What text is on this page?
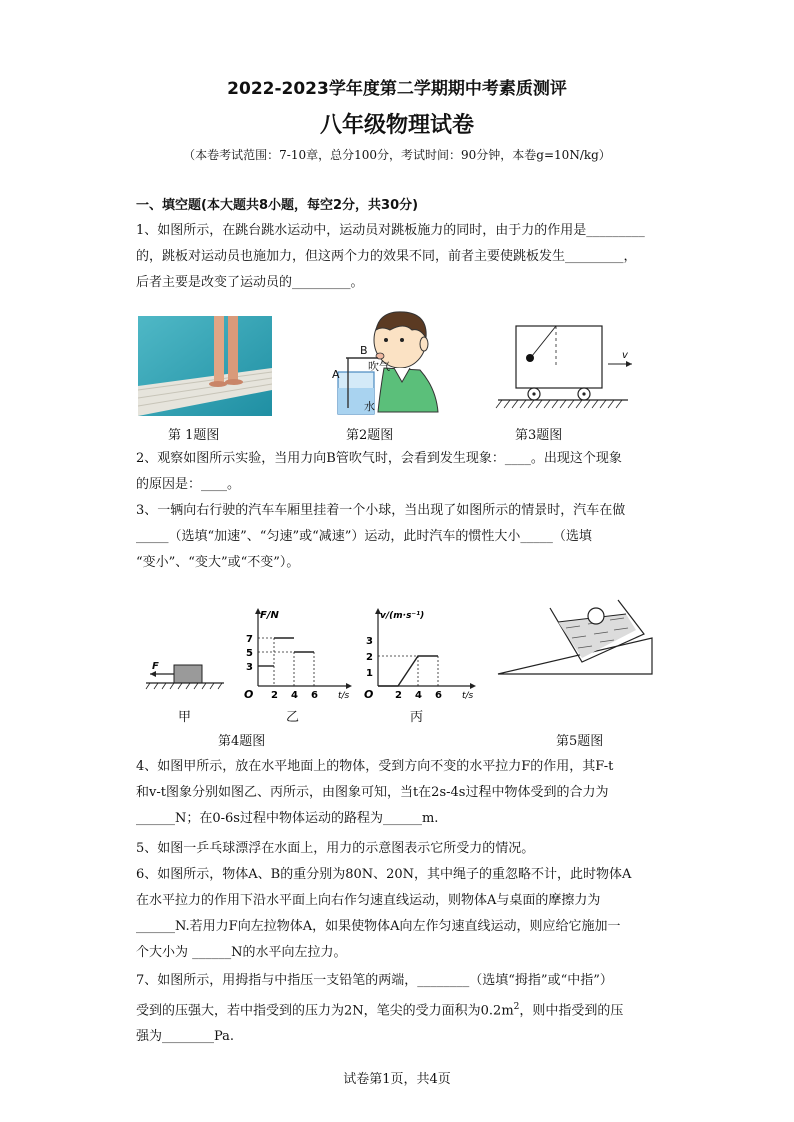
2022-2023学年度第二学期期中考素质测评
八年级物理试卷
（本卷考试范围：7-10章，总分100分，考试时间：90分钟，本卷g=10N/kg）
一、填空题(本大题共8小题，每空2分，共30分)
1、如图所示，在跳台跳水运动中，运动员对跳板施力的同时，由于力的作用是_________
的，跳板对运动员也施加力，但这两个力的效果不同，前者主要使跳板发生_________，
后者主要是改变了运动员的_________。
B
吹气
A
水
v
第 1题图	第2题图	第3题图
2、观察如图所示实验，当用力向B管吹气时，会看到发生现象：____。出现这个现象
的原因是：____。
3、一辆向右行驶的汽车车厢里挂着一个小球，当出现了如图所示的情景时，汽车在做
_____（选填“加速”、“匀速”或“减速”）运动，此时汽车的惯性大小_____（选填
“变小”、“变大”或“不变”）。
F
F/N
t/s
O
3
5
7
2 4 6
v/(m·s⁻¹)
t/s
O
1
2
3
2 4 6
甲	乙	丙
第4题图	第5题图
4、如图甲所示，放在水平地面上的物体，受到方向不变的水平拉力F的作用，其F-t
和v-t图象分别如图乙、丙所示，由图象可知，当t在2s-4s过程中物体受到的合力为
______N；在0-6s过程中物体运动的路程为______m.
5、如图一乒乓球漂浮在水面上，用力的示意图表示它所受力的情况。
6、如图所示，物体A、B的重分别为80N、20N，其中绳子的重忽略不计，此时物体A
在水平拉力的作用下沿水平面上向右作匀速直线运动，则物体A与桌面的摩擦力为
______N.若用力F向左拉物体A，如果使物体A向左作匀速直线运动，则应给它施加一
个大小为 ______N的水平向左拉力。
7、如图所示，用拇指与中指压一支铅笔的两端，________（选填“拇指”或“中指”）
受到的压强大，若中指受到的压力为2N，笔尖的受力面积为$0.2m^2$，则中指受到的压
强为________Pa.
试卷第1页，共4页
